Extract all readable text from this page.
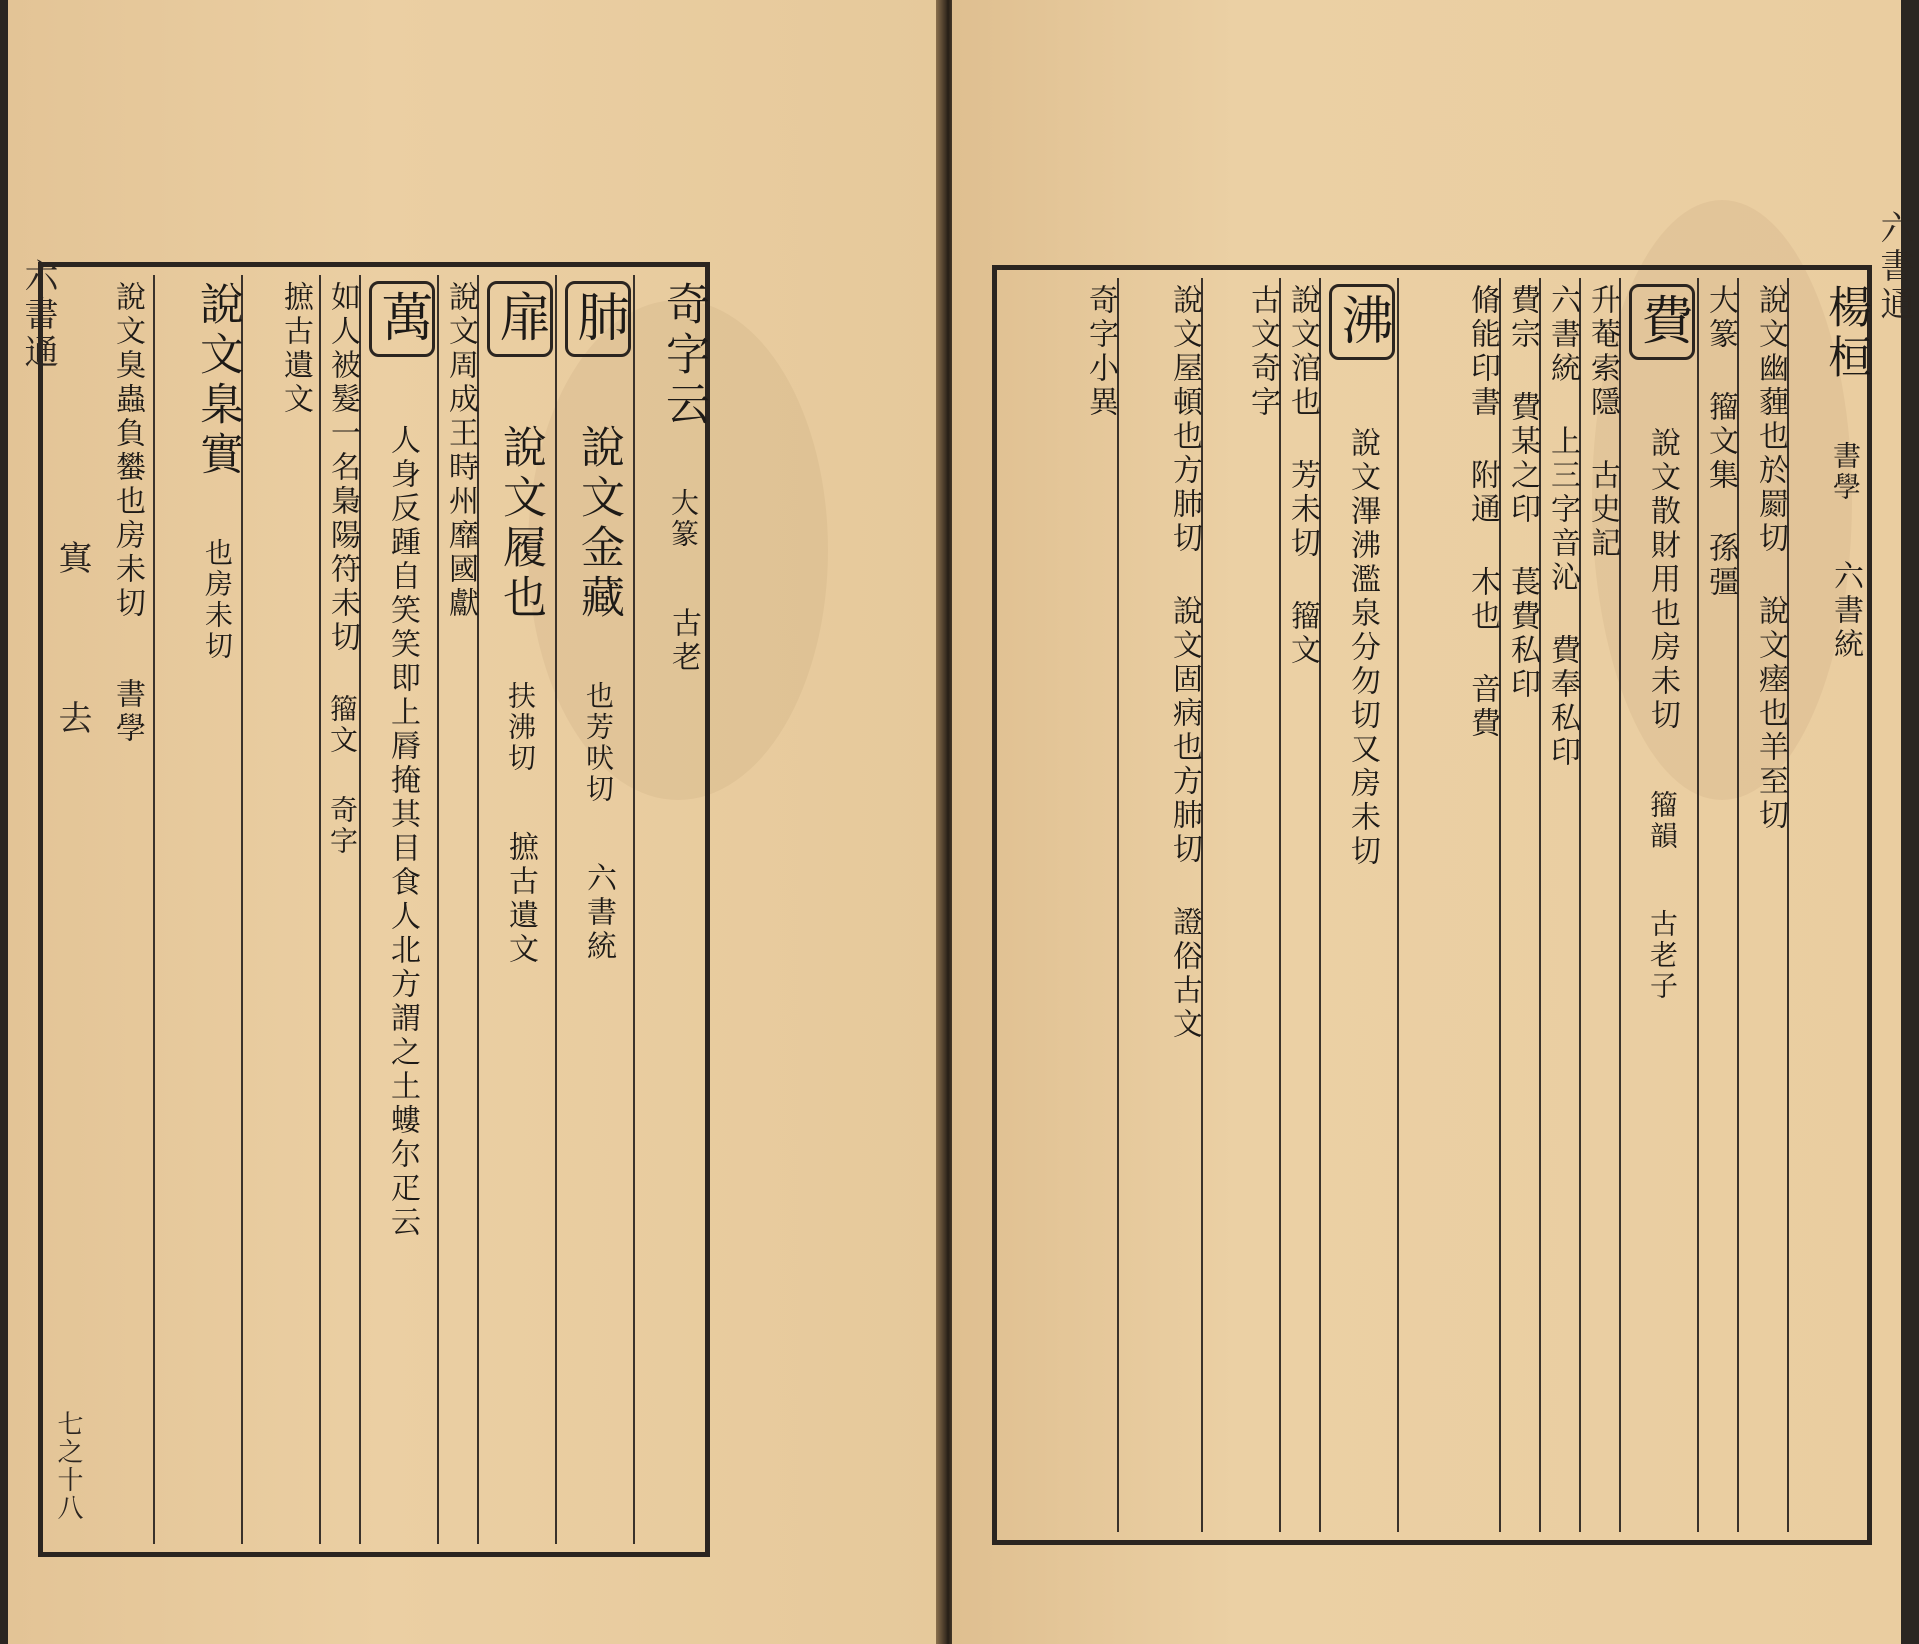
六書通	奇字云 大篆 古老
肺 說文金藏 也芳吠切 六書統
扉 說文履也 扶沸切 摭古遺文
說文周成王時州靡國獻
萬 人身反踵自笑笑即上脣掩其目食人北方謂之土螻尔疋云
如人被髮一名梟陽符未切 籀文 奇字
摭古遺文
說文臬實 也房未切
說文臭蟲負蠜也房未切 書學
寘
去
七之十八
六書通
楊桓 書學 六書統
說文幽薶也於罽切 說文瘗也羊至切
大篆 籀文集 孫彊
費 說文散財用也房未切 籀韻 古老子
升菴索隱 古史記
六書統 上三字音沁 費奉私印
費宗 費某之印 萇費私印
脩能印書 附通 木也 音費
沸 說文滭沸濫泉分勿切又房未切
說文涫也 芳未切 籀文
古文奇字
說文屋頓也方肺切 說文固病也方肺切 證俗古文
奇字小異
